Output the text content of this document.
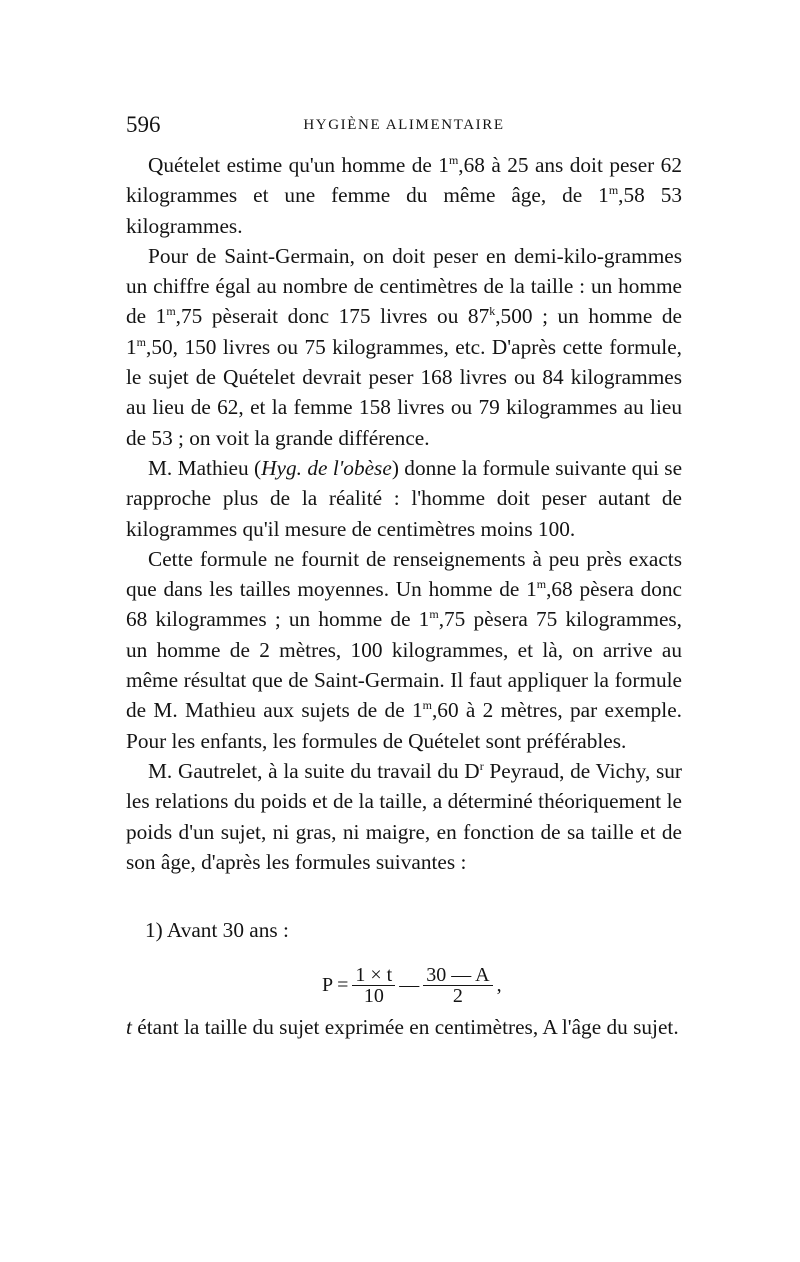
596	HYGIÈNE ALIMENTAIRE

Quételet estime qu'un homme de 1$^m$,68 à 25 ans doit peser 62 kilogrammes et une femme du même âge, de 1$^m$,58 53 kilogrammes.

Pour de Saint-Germain, on doit peser en demi-kilo-grammes un chiffre égal au nombre de centimètres de la taille : un homme de 1$^m$,75 pèserait donc 175 livres ou 87$^k$,500 ; un homme de 1$^m$,50, 150 livres ou 75 kilogrammes, etc. D'après cette formule, le sujet de Quételet devrait peser 168 livres ou 84 kilogrammes au lieu de 62, et la femme 158 livres ou 79 kilogrammes au lieu de 53 ; on voit la grande différence.

M. Mathieu (Hyg. de l'obèse) donne la formule suivante qui se rapproche plus de la réalité : l'homme doit peser autant de kilogrammes qu'il mesure de centimètres moins 100.

Cette formule ne fournit de renseignements à peu près exacts que dans les tailles moyennes. Un homme de 1$^m$,68 pèsera donc 68 kilogrammes ; un homme de 1$^m$,75 pèsera 75 kilogrammes, un homme de 2 mètres, 100 kilogrammes, et là, on arrive au même résultat que de Saint-Germain. Il faut appliquer la formule de M. Mathieu aux sujets de de 1$^m$,60 à 2 mètres, par exemple. Pour les enfants, les formules de Quételet sont préférables.

M. Gautrelet, à la suite du travail du $D^r$ Peyraud, de Vichy, sur les relations du poids et de la taille, a déterminé théoriquement le poids d'un sujet, ni gras, ni maigre, en fonction de sa taille et de son âge, d'après les formules suivantes :

1) Avant 30 ans :
$P = \frac{1 \times t}{10}$ — $\frac{30 — A}{2}$ ,
t étant la taille du sujet exprimée en centimètres, A l'âge du sujet.
